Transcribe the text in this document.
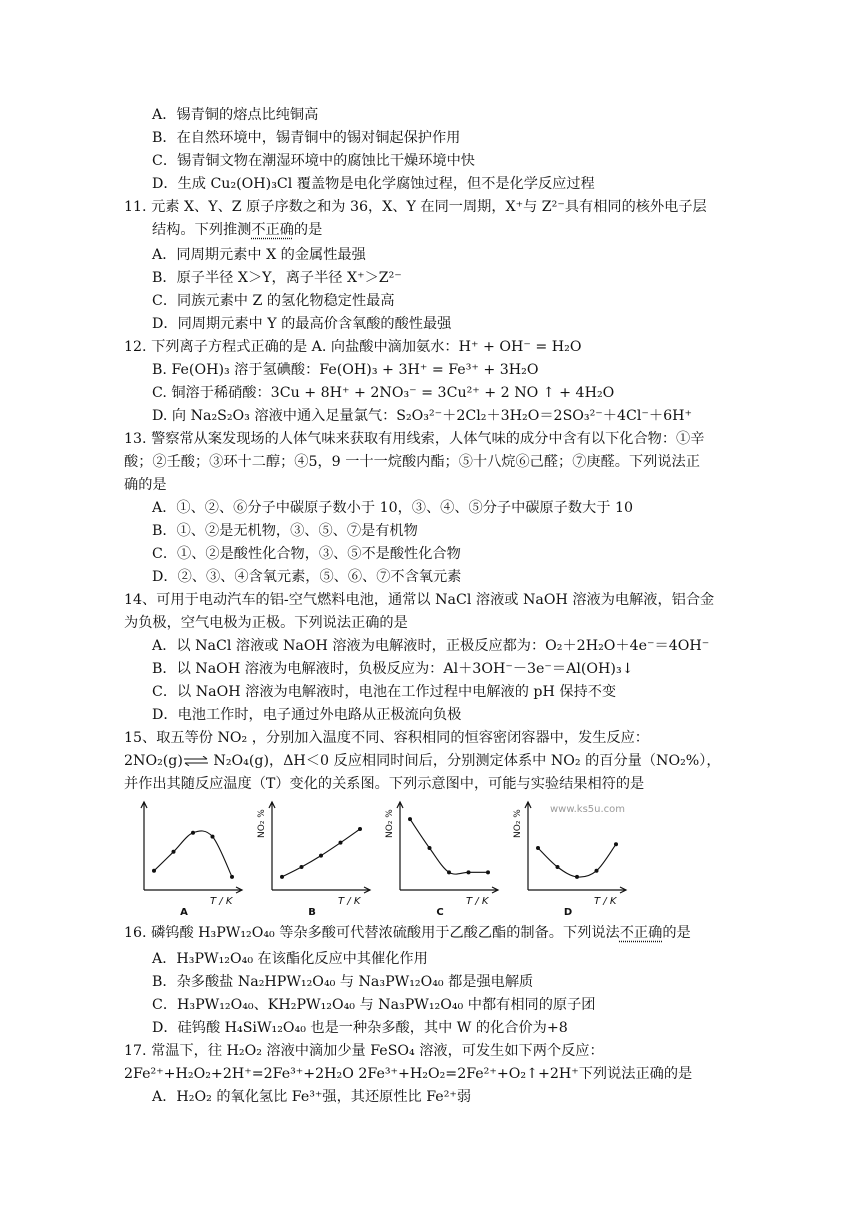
A．锡青铜的熔点比纯铜高
B．在自然环境中，锡青铜中的锡对铜起保护作用
C．锡青铜文物在潮湿环境中的腐蚀比干燥环境中快
D．生成 Cu₂(OH)₃Cl 覆盖物是电化学腐蚀过程，但不是化学反应过程
11. 元素 X、Y、Z 原子序数之和为 36，X、Y 在同一周期，X⁺与 Z²⁻具有相同的核外电子层
结构。下列推测不正确的是
A．同周期元素中 X 的金属性最强
B．原子半径 X＞Y，离子半径 X⁺＞Z²⁻
C．同族元素中 Z 的氢化物稳定性最高
D．同周期元素中 Y 的最高价含氧酸的酸性最强
12. 下列离子方程式正确的是 A. 向盐酸中滴加氨水：H⁺ + OH⁻ = H₂O
B. Fe(OH)₃ 溶于氢碘酸：Fe(OH)₃ + 3H⁺ = Fe³⁺ + 3H₂O
C. 铜溶于稀硝酸：3Cu + 8H⁺ + 2NO₃⁻ = 3Cu²⁺ + 2 NO ↑ + 4H₂O
D. 向 Na₂S₂O₃ 溶液中通入足量氯气：S₂O₃²⁻＋2Cl₂＋3H₂O＝2SO₃²⁻＋4Cl⁻＋6H⁺
13. 警察常从案发现场的人体气味来获取有用线索，人体气味的成分中含有以下化合物：①辛
酸；②壬酸；③环十二醇；④5，9 一十一烷酸内酯；⑤十八烷⑥己醛；⑦庚醛。下列说法正
确的是
A．①、②、⑥分子中碳原子数小于 10，③、④、⑤分子中碳原子数大于 10
B．①、②是无机物，③、⑤、⑦是有机物
C．①、②是酸性化合物，③、⑤不是酸性化合物
D．②、③、④含氧元素，⑤、⑥、⑦不含氧元素
14、可用于电动汽车的铝-空气燃料电池，通常以 NaCl 溶液或 NaOH 溶液为电解液，铝合金
为负极，空气电极为正极。下列说法正确的是
A．以 NaCl 溶液或 NaOH 溶液为电解液时，正极反应都为：O₂＋2H₂O＋4e⁻＝4OH⁻
B．以 NaOH 溶液为电解液时，负极反应为：Al＋3OH⁻－3e⁻＝Al(OH)₃↓
C．以 NaOH 溶液为电解液时，电池在工作过程中电解液的 pH 保持不变
D．电池工作时，电子通过外电路从正极流向负极
15、取五等份 NO₂ ，分别加入温度不同、容积相同的恒容密闭容器中，发生反应：
2NO₂(g)⇌ N₂O₄(g)，ΔH＜0 反应相同时间后，分别测定体系中 NO₂ 的百分量（NO₂%），
并作出其随反应温度（T）变化的关系图。下列示意图中，可能与实验结果相符的是
T / K
A
NO₂ %
T / K
B
NO₂ %
T / K
C
NO₂ %
T / K
D
www.ks5u.com
16. 磷钨酸 H₃PW₁₂O₄₀ 等杂多酸可代替浓硫酸用于乙酸乙酯的制备。下列说法不正确的是
A．H₃PW₁₂O₄₀ 在该酯化反应中其催化作用
B．杂多酸盐 Na₂HPW₁₂O₄₀ 与 Na₃PW₁₂O₄₀ 都是强电解质
C．H₃PW₁₂O₄₀、KH₂PW₁₂O₄₀ 与 Na₃PW₁₂O₄₀ 中都有相同的原子团
D．硅钨酸 H₄SiW₁₂O₄₀ 也是一种杂多酸，其中 W 的化合价为+8
17. 常温下，往 H₂O₂ 溶液中滴加少量 FeSO₄ 溶液，可发生如下两个反应：
2Fe²⁺+H₂O₂+2H⁺=2Fe³⁺+2H₂O 2Fe³⁺+H₂O₂=2Fe²⁺+O₂↑+2H⁺下列说法正确的是
A．H₂O₂ 的氧化氢比 Fe³⁺强，其还原性比 Fe²⁺弱
